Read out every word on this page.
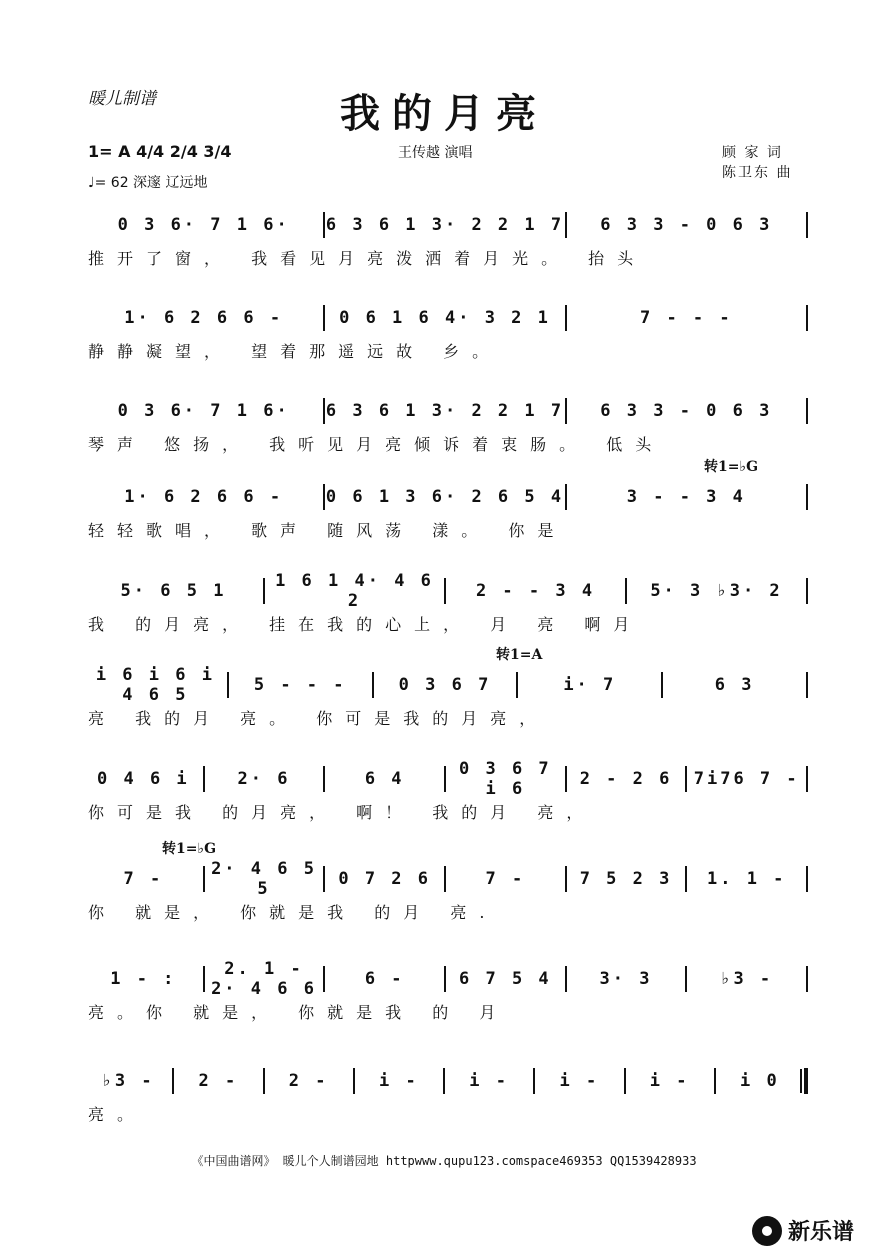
暖儿制谱	我的月亮
王传越 演唱	顾 家 词
陈卫东 曲
1= A 4/4 2/4 3/4
♩= 62 深邃 辽远地
0 3 6· 7 1 6·	6 3 6 1 3· 2 2 1 7	6 3 3 - 0 6 3
推开了窗， 我看见月亮泼洒着月光。 抬头
1· 6 2 6 6 -	0 6 1 6 4· 3 2 1	7 - - -
静静凝望， 望着那遥远故 乡。
0 3 6· 7 1 6·	6 3 6 1 3· 2 2 1 7	6 3 3 - 0 6 3
琴声 悠扬， 我听见月亮倾诉着衷肠。 低头
转1=♭G
1· 6 2 6 6 -	0 6 1 3 6· 2 6 5 4	3 - - 3 4
轻轻歌唱， 歌声 随风荡 漾。 你是
5· 6 5 1	1 6 1 4· 4 6 2	2 - - 3 4	5· 3 ♭3· 2
我 的月亮， 挂在我的心上， 月 亮 啊月
转1=A
i 6 i 6 i 4 6 5	5 - - -	0 3 6 7	i· 7	6 3
亮 我的月 亮。 你可是我的月亮，
0 4 6 i	2· 6	6 4	0 3 6 7 i 6	2 - 2 6	7i76 7 -
你可是我 的月亮， 啊！ 我的月 亮，
转1=♭G
7 -	2· 4 6 5 5	0 7 2 6	7 -	7 5 2 3	1. 1 -
你 就是， 你就是我 的月 亮.
1 - :	2. 1 - 2· 4 6 6	6 -	6 7 5 4	3· 3	♭3 -
亮。你 就是， 你就是我 的 月
♭3 -	2 -	2 -	i -	i -	i -	i -	i 0
亮。
《中国曲谱网》 暖儿个人制谱园地 httpwww.qupu123.comspace469353 QQ1539428933
新乐谱
